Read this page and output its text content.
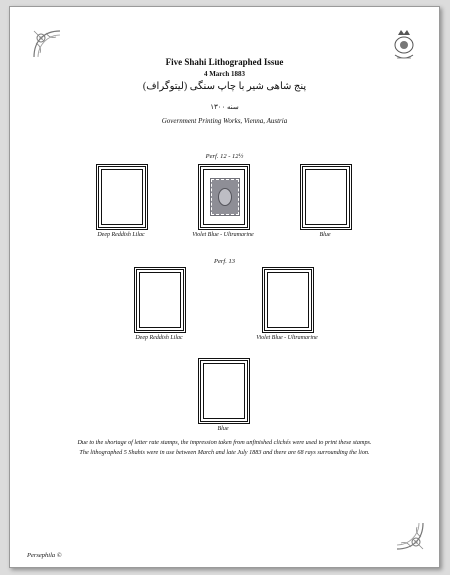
Five Shahi Lithographed Issue
4 March 1883
پنج شاهی شیر با چاپ سنگی (لیتوگراف)
سنه ۱۳۰۰
Government Printing Works, Vienna, Austria
Perf. 12 - 12½
Deep Reddish Lilac	Violet Blue - Ultramarine	Blue
Perf. 13
Deep Reddish Lilac	Violet Blue - Ultramarine
Blue
Due to the shortage of letter rate stamps, the impression taken from unfinished clichés were used to print these stamps.
The lithographed 5 Shahis were in use between March and late July 1883 and there are 68 rays surrounding the lion.
Persephila ©
